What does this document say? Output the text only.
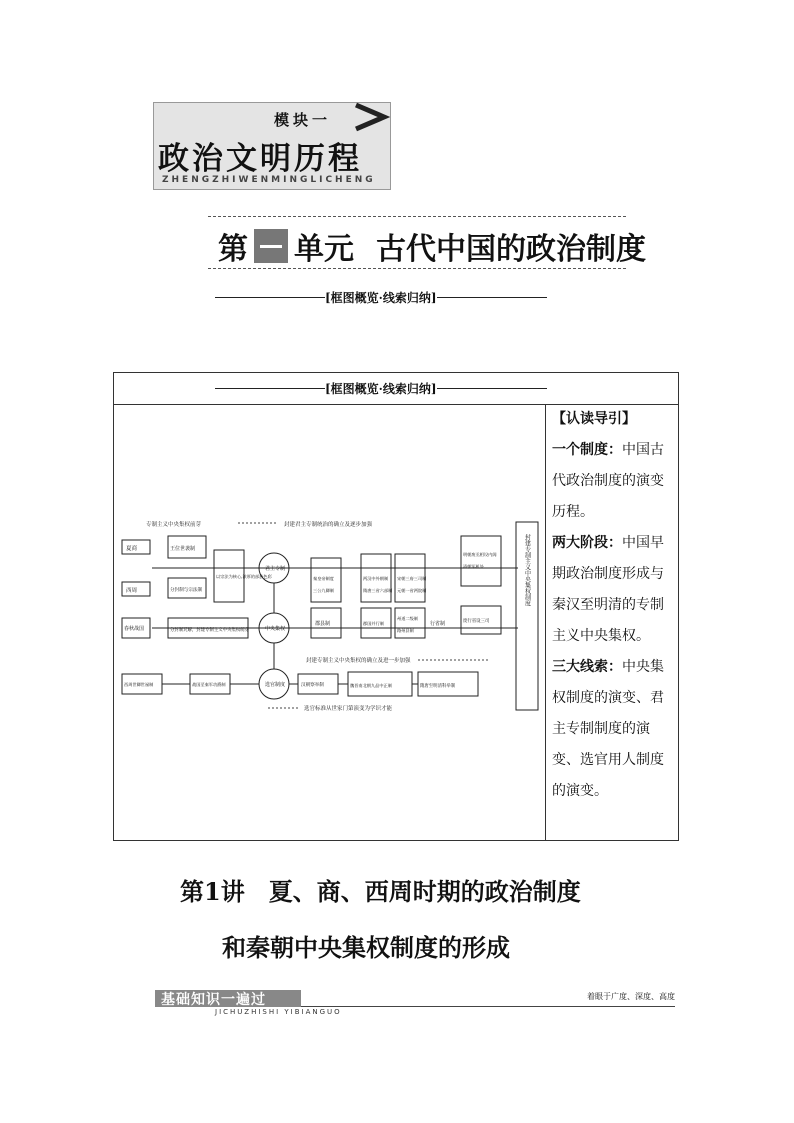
模块一
政治文明历程
ZHENGZHIWENMINGLICHENG
第 单元 古代中国的政治制度
[框图概览·线索归纳]
[框图概览·线索归纳]

【认读导引】

一个制度：中国古代政治制度的演变历程。

两大阶段：中国早期政治制度形成与秦汉至明清的专制主义中央集权。

三大线索：中央集权制度的演变、君主专制制度的演变、选官用人制度的演变。

专制主义中央集权前芽	封建君主专制统治的确立及逐步加强
封建专制主义中央集权的确立及进一步加强
选官标准从世家门第演变为学识才能
夏商
西周
春秋战国
王位世袭制
分封制与宗法制
以宗法为核心,浓厚的部族色彩
分封制瓦解，封建专制主义中央集权萌芽
君主专制
中央集权
选官制度
秦皇帝制度
三公九卿制
两汉中外朝制
隋唐三省六部制
宋朝三府三司制
元朝一省两院制
明朝废丞相设内阁
清朝军机处
郡县制	郡国并行制
州道二级制
路州县制
行省制	废行省设三司
西周世卿世禄制	战国至秦军功爵制	汉朝察举制	魏晋南北朝九品中正制	隋唐至明清科举制
封建专制主义中央集权制度
第1讲　夏、商、西周时期的政治制度
和秦朝中央集权制度的形成
基础知识一遍过
JICHUZHISHI YIBIANGUO
着眼于广度、深度、高度
